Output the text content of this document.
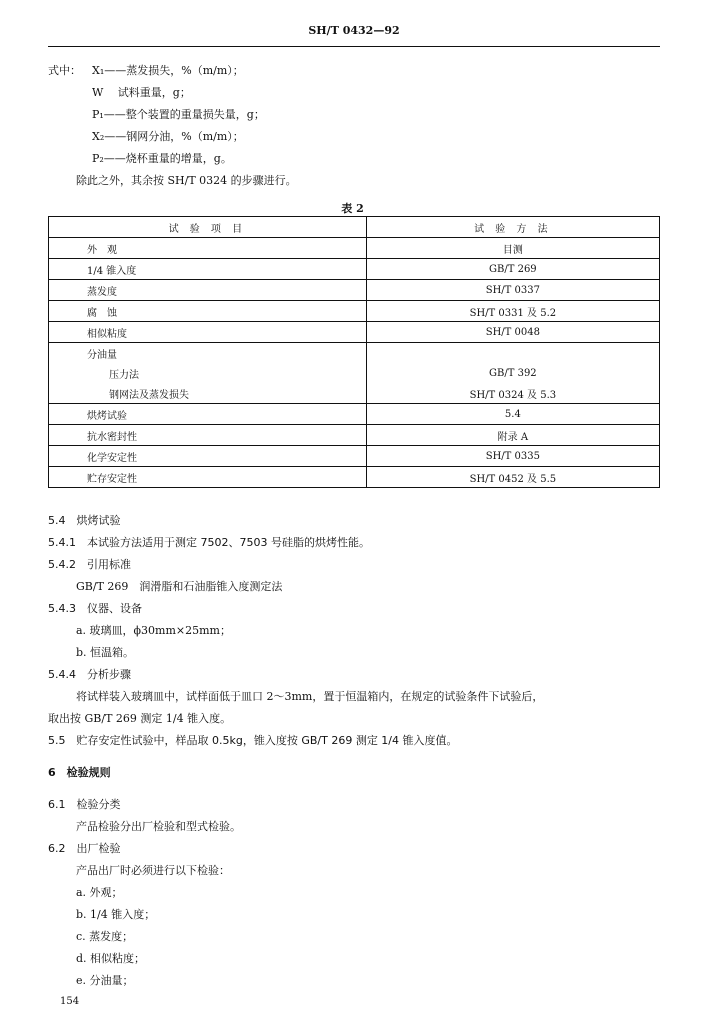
SH/T 0432—92
式中： X₁——蒸发损失，%（m/m）；
W　 试料重量，g；
P₁——整个装置的重量损失量，g；
X₂——钢网分油，%（m/m）；
P₂——烧杯重量的增量，g。
除此之外，其余按 SH/T 0324 的步骤进行。
表 2
试 验 项 目	试 验 方 法
外　观	目测
1/4 锥入度	GB/T 269
蒸发度	SH/T 0337
腐　蚀	SH/T 0331 及 5.2
相似粘度	SH/T 0048
分油量	
压力法	GB/T 392
钢网法及蒸发损失	SH/T 0324 及 5.3
烘烤试验	5.4
抗水密封性	附录 A
化学安定性	SH/T 0335
贮存安定性	SH/T 0452 及 5.5
5.4　烘烤试验
5.4.1　本试验方法适用于测定 7502、7503 号硅脂的烘烤性能。
5.4.2　引用标准
GB/T 269　润滑脂和石油脂锥入度测定法
5.4.3　仪器、设备
a. 玻璃皿，ϕ30mm×25mm；
b. 恒温箱。
5.4.4　分析步骤
将试样装入玻璃皿中，试样面低于皿口 2～3mm，置于恒温箱内，在规定的试验条件下试验后，
取出按 GB/T 269 测定 1/4 锥入度。
5.5　贮存安定性试验中，样品取 0.5kg，锥入度按 GB/T 269 测定 1/4 锥入度值。
6　检验规则
6.1　检验分类
产品检验分出厂检验和型式检验。
6.2　出厂检验
产品出厂时必须进行以下检验：
a. 外观；
b. 1/4 锥入度；
c. 蒸发度；
d. 相似粘度；
e. 分油量；
154
